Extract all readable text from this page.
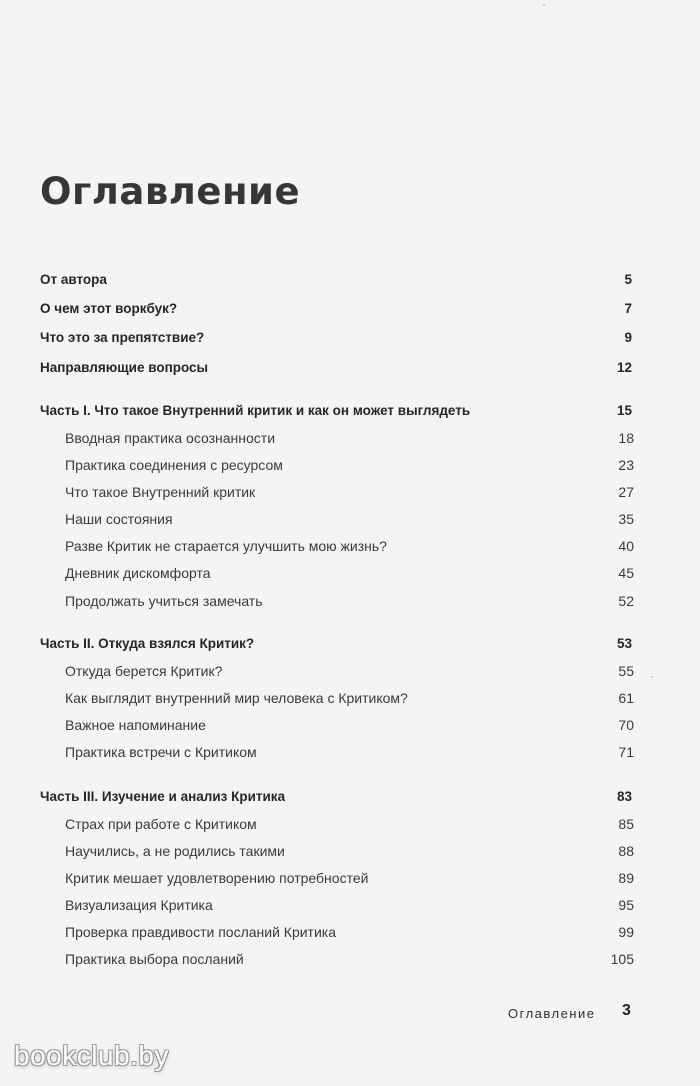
Оглавление
От автора	5
О чем этот воркбук?	7
Что это за препятствие?	9
Направляющие вопросы	12
Часть I. Что такое Внутренний критик и как он может выглядеть	15
Вводная практика осознанности	18
Практика соединения с ресурсом	23
Что такое Внутренний критик	27
Наши состояния	35
Разве Критик не старается улучшить мою жизнь?	40
Дневник дискомфорта	45
Продолжать учиться замечать	52
Часть II. Откуда взялся Критик?	53
Откуда берется Критик?	55
Как выглядит внутренний мир человека с Критиком?	61
Важное напоминание	70
Практика встречи с Критиком	71
Часть III. Изучение и анализ Критика	83
Страх при работе с Критиком	85
Научились, а не родились такими	88
Критик мешает удовлетворению потребностей	89
Визуализация Критика	95
Проверка правдивости посланий Критика	99
Практика выбора посланий	105
Оглавление 3
bookclub.by
